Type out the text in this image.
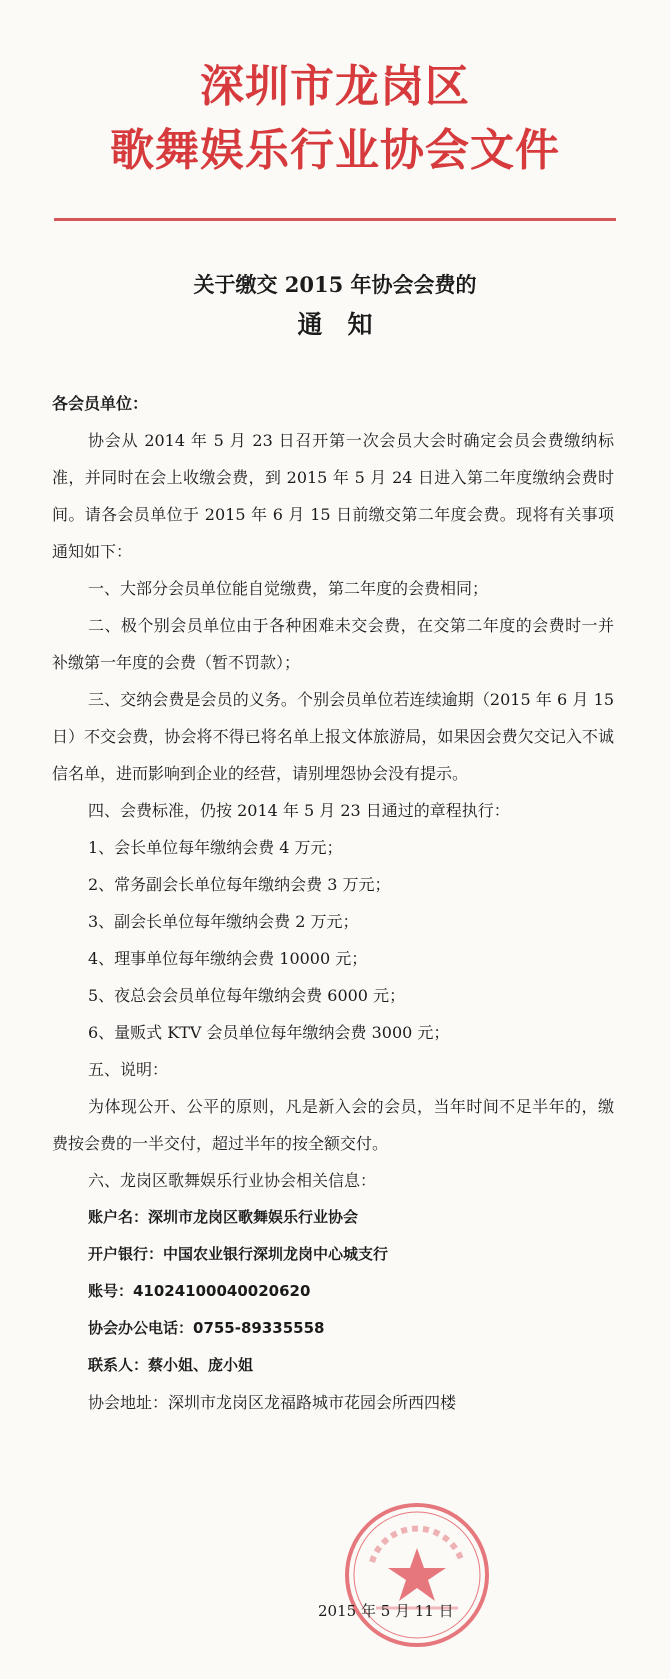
深圳市龙岗区
歌舞娱乐行业协会文件
关于缴交 2015 年协会会费的
通　知
各会员单位：

协会从 2014 年 5 月 23 日召开第一次会员大会时确定会员会费缴纳标准，并同时在会上收缴会费，到 2015 年 5 月 24 日进入第二年度缴纳会费时间。请各会员单位于 2015 年 6 月 15 日前缴交第二年度会费。现将有关事项通知如下：

一、大部分会员单位能自觉缴费，第二年度的会费相同；
二、极个别会员单位由于各种困难未交会费，在交第二年度的会费时一并补缴第一年度的会费（暂不罚款）；
三、交纳会费是会员的义务。个别会员单位若连续逾期（2015 年 6 月 15 日）不交会费，协会将不得已将名单上报文体旅游局，如果因会费欠交记入不诚信名单，进而影响到企业的经营，请别埋怨协会没有提示。
四、会费标准，仍按 2014 年 5 月 23 日通过的章程执行：
1、会长单位每年缴纳会费 4 万元；
2、常务副会长单位每年缴纳会费 3 万元；
3、副会长单位每年缴纳会费 2 万元；
4、理事单位每年缴纳会费 10000 元；
5、夜总会会员单位每年缴纳会费 6000 元；
6、量贩式 KTV 会员单位每年缴纳会费 3000 元；
五、说明：

为体现公开、公平的原则，凡是新入会的会员，当年时间不足半年的，缴费按会费的一半交付，超过半年的按全额交付。

六、龙岗区歌舞娱乐行业协会相关信息：
账户名：深圳市龙岗区歌舞娱乐行业协会
开户银行：中国农业银行深圳龙岗中心城支行
账号：41024100040020620
协会办公电话：0755-89335558
联系人：蔡小姐、庞小姐
协会地址：深圳市龙岗区龙福路城市花园会所西四楼
2015 年 5 月 11 日
